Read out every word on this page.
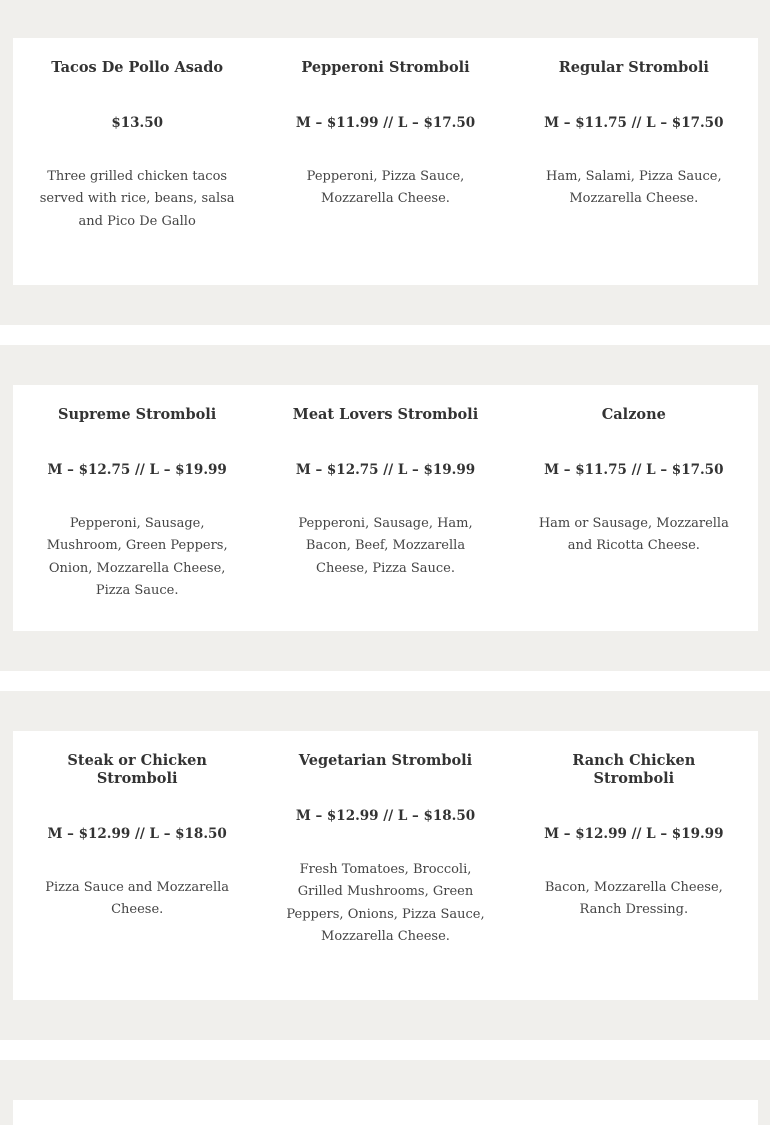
Tacos De Pollo Asado
$13.50
Three grilled chicken tacos served with rice, beans, salsa and Pico De Gallo
Pepperoni Stromboli
M – $11.99 // L – $17.50
Pepperoni, Pizza Sauce, Mozzarella Cheese.
Regular Stromboli
M – $11.75 // L – $17.50
Ham, Salami, Pizza Sauce, Mozzarella Cheese.
Supreme Stromboli
M – $12.75 // L – $19.99
Pepperoni, Sausage, Mushroom, Green Peppers, Onion, Mozzarella Cheese, Pizza Sauce.
Meat Lovers Stromboli
M – $12.75 // L – $19.99
Pepperoni, Sausage, Ham, Bacon, Beef, Mozzarella Cheese, Pizza Sauce.
Calzone
M – $11.75 // L – $17.50
Ham or Sausage, Mozzarella and Ricotta Cheese.
Steak or Chicken Stromboli
M – $12.99 // L – $18.50
Pizza Sauce and Mozzarella Cheese.
Vegetarian Stromboli
M – $12.99 // L – $18.50
Fresh Tomatoes, Broccoli, Grilled Mushrooms, Green Peppers, Onions, Pizza Sauce, Mozzarella Cheese.
Ranch Chicken Stromboli
M – $12.99 // L – $19.99
Bacon, Mozzarella Cheese, Ranch Dressing.
